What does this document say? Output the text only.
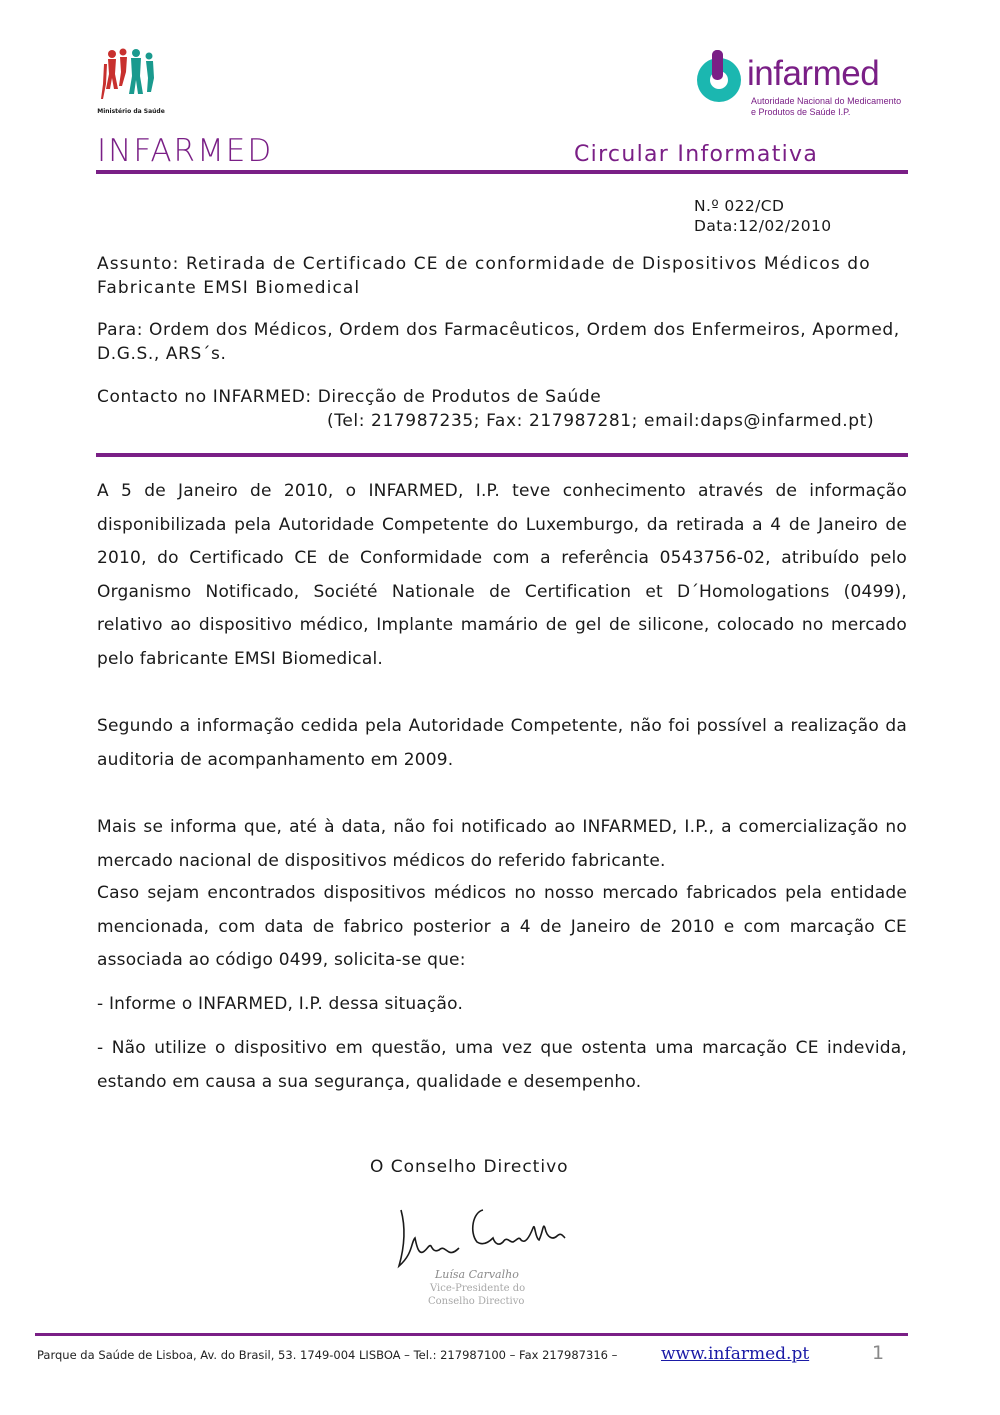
Ministério da Saúde
infarmed
Autoridade Nacional do Medicamento
e Produtos de Saúde I.P.
INFARMED	Circular Informativa
N.º 022/CD
Data:12/02/2010
Assunto: Retirada de Certificado CE de conformidade de Dispositivos Médicos do Fabricante EMSI Biomedical
Para: Ordem dos Médicos, Ordem dos Farmacêuticos, Ordem dos Enfermeiros, Apormed, D.G.S., ARS´s.
Contacto no INFARMED: Direcção de Produtos de Saúde
(Tel: 217987235; Fax: 217987281; email:daps@infarmed.pt)
A 5 de Janeiro de 2010, o INFARMED, I.P. teve conhecimento através de informação disponibilizada pela Autoridade Competente do Luxemburgo, da retirada a 4 de Janeiro de 2010, do Certificado CE de Conformidade com a referência 0543756-02, atribuído pelo Organismo Notificado, Société Nationale de Certification et D´Homologations (0499), relativo ao dispositivo médico, Implante mamário de gel de silicone, colocado no mercado pelo fabricante EMSI Biomedical.
Segundo a informação cedida pela Autoridade Competente, não foi possível a realização da auditoria de acompanhamento em 2009.
Mais se informa que, até à data, não foi notificado ao INFARMED, I.P., a comercialização no mercado nacional de dispositivos médicos do referido fabricante.
Caso sejam encontrados dispositivos médicos no nosso mercado fabricados pela entidade mencionada, com data de fabrico posterior a 4 de Janeiro de 2010 e com marcação CE associada ao código 0499, solicita-se que:
- Informe o INFARMED, I.P. dessa situação.
- Não utilize o dispositivo em questão, uma vez que ostenta uma marcação CE indevida, estando em causa a sua segurança, qualidade e desempenho.
O Conselho Directivo
Luísa Carvalho
Vice-Presidente do
Conselho Directivo
Parque da Saúde de Lisboa, Av. do Brasil, 53. 1749-004 LISBOA – Tel.: 217987100 – Fax 217987316 –	www.infarmed.pt	1
